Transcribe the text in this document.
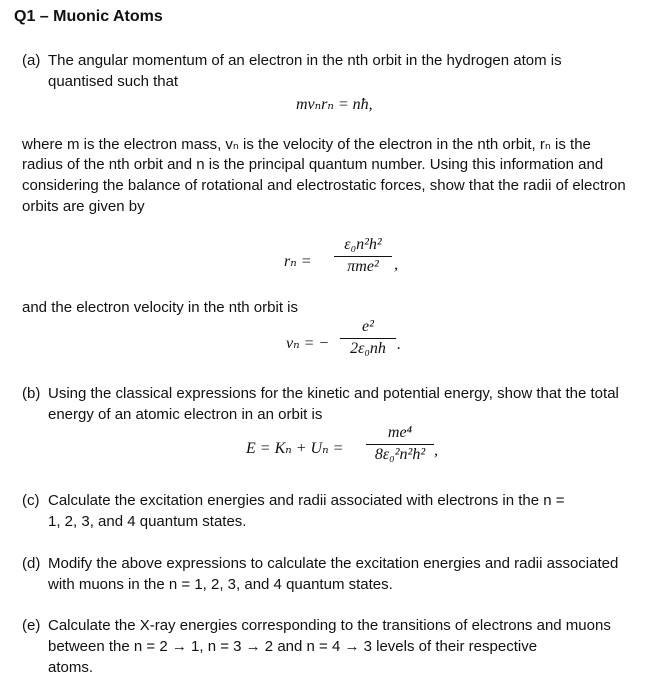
Q1 – Muonic Atoms
(a) The angular momentum of an electron in the nth orbit in the hydrogen atom is
quantised such that
mvₙrₙ = nħ,
where m is the electron mass, vₙ is the velocity of the electron in the nth orbit, rₙ is the
radius of the nth orbit and n is the principal quantum number. Using this information and
considering the balance of rotational and electrostatic forces, show that the radii of electron
orbits are given by
rₙ =
ε₀n²h²
πme² ,
and the electron velocity in the nth orbit is
vₙ = −
e²
2ε₀nh .
(b) Using the classical expressions for the kinetic and potential energy, show that the total
energy of an atomic electron in an orbit is
E = Kₙ + Uₙ =
me⁴
8ε₀²n²h² ,
(c) Calculate the excitation energies and radii associated with electrons in the n =
1, 2, 3, and 4 quantum states.
(d) Modify the above expressions to calculate the excitation energies and radii associated
with muons in the n = 1, 2, 3, and 4 quantum states.
(e) Calculate the X-ray energies corresponding to the transitions of electrons and muons
between the n = 2 → 1, n = 3 → 2 and n = 4 → 3 levels of their respective
atoms.
